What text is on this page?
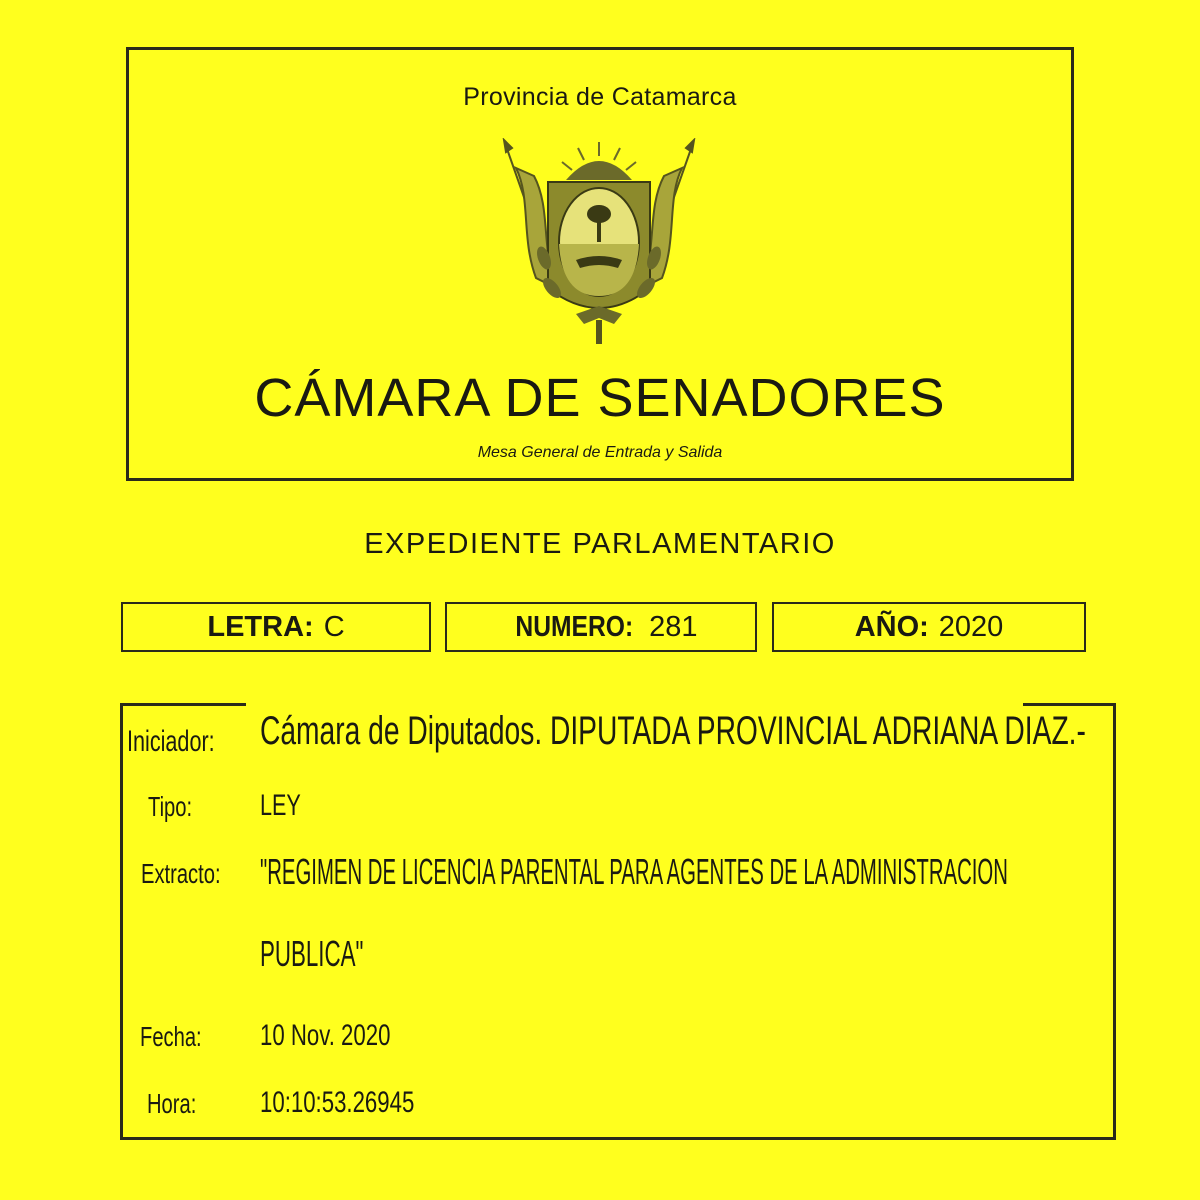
Provincia de Catamarca
CÁMARA DE SENADORES
Mesa General de Entrada y Salida
EXPEDIENTE PARLAMENTARIO
LETRA: C	NUMERO: 281	AÑO: 2020
Iniciador: Cámara de Diputados. DIPUTADA PROVINCIAL ADRIANA DIAZ.-
Tipo: LEY
Extracto: "REGIMEN DE LICENCIA PARENTAL PARA AGENTES DE LA ADMINISTRACION
PUBLICA"
Fecha: 10 Nov. 2020
Hora: 10:10:53.26945
